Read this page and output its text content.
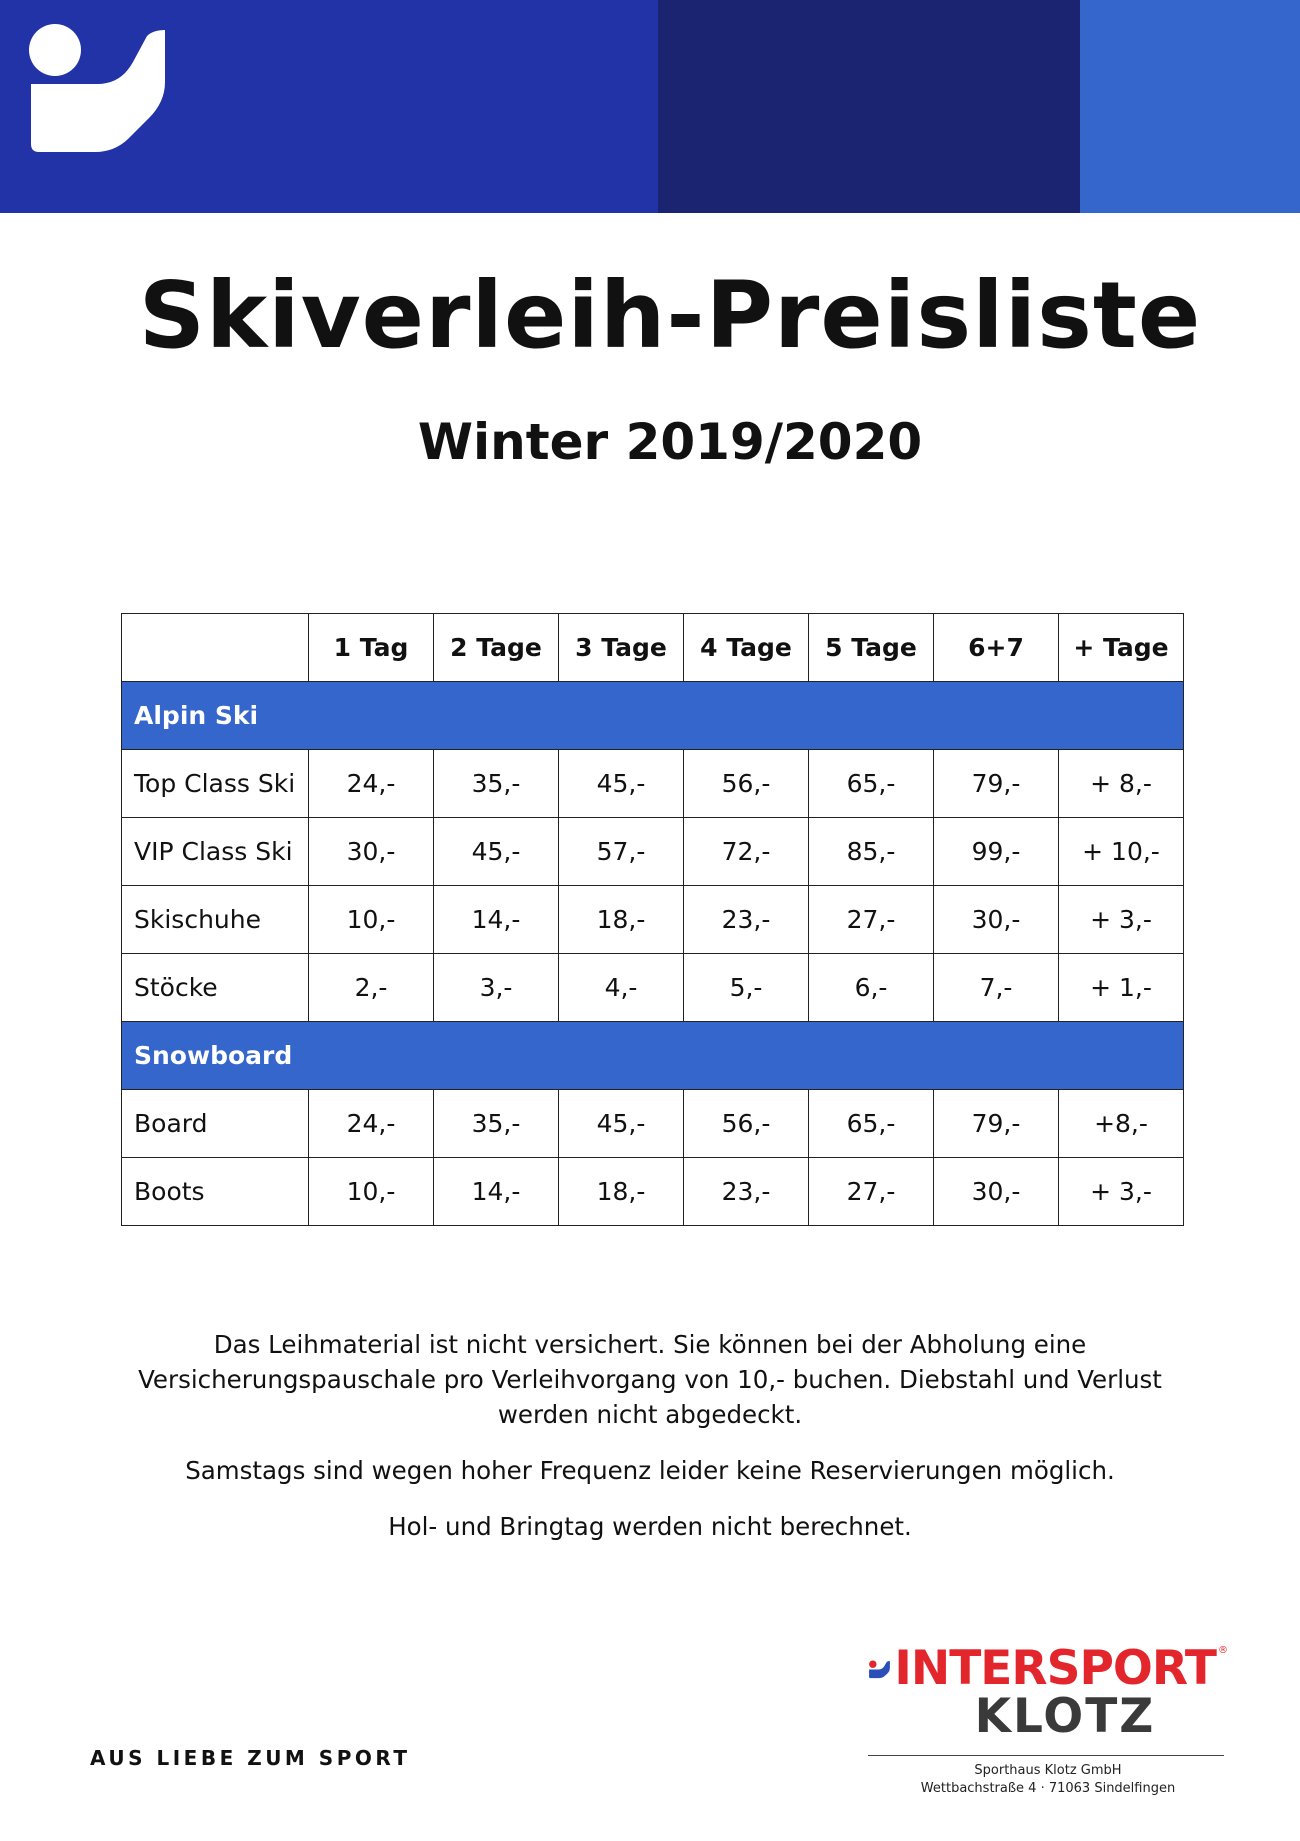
Skiverleih-Preisliste
Winter 2019/2020
	1 Tag	2 Tage	3 Tage	4 Tage	5 Tage	6+7	+ Tage
Alpin Ski							
Top Class Ski	24,-	35,-	45,-	56,-	65,-	79,-	+ 8,-
VIP Class Ski	30,-	45,-	57,-	72,-	85,-	99,-	+ 10,-
Skischuhe	10,-	14,-	18,-	23,-	27,-	30,-	+ 3,-
Stöcke	2,-	3,-	4,-	5,-	6,-	7,-	+ 1,-
Snowboard							
Board	24,-	35,-	45,-	56,-	65,-	79,-	+8,-
Boots	10,-	14,-	18,-	23,-	27,-	30,-	+ 3,-

Das Leihmaterial ist nicht versichert. Sie können bei der Abholung eine Versicherungspauschale pro Verleihvorgang von 10,- buchen. Diebstahl und Verlust werden nicht abgedeckt.

Samstags sind wegen hoher Frequenz leider keine Reservierungen möglich.

Hol- und Bringtag werden nicht berechnet.

AUS LIEBE ZUM SPORT
INTERSPORT ®
KLOTZ
Sporthaus Klotz GmbH
Wettbachstraße 4 · 71063 Sindelfingen
